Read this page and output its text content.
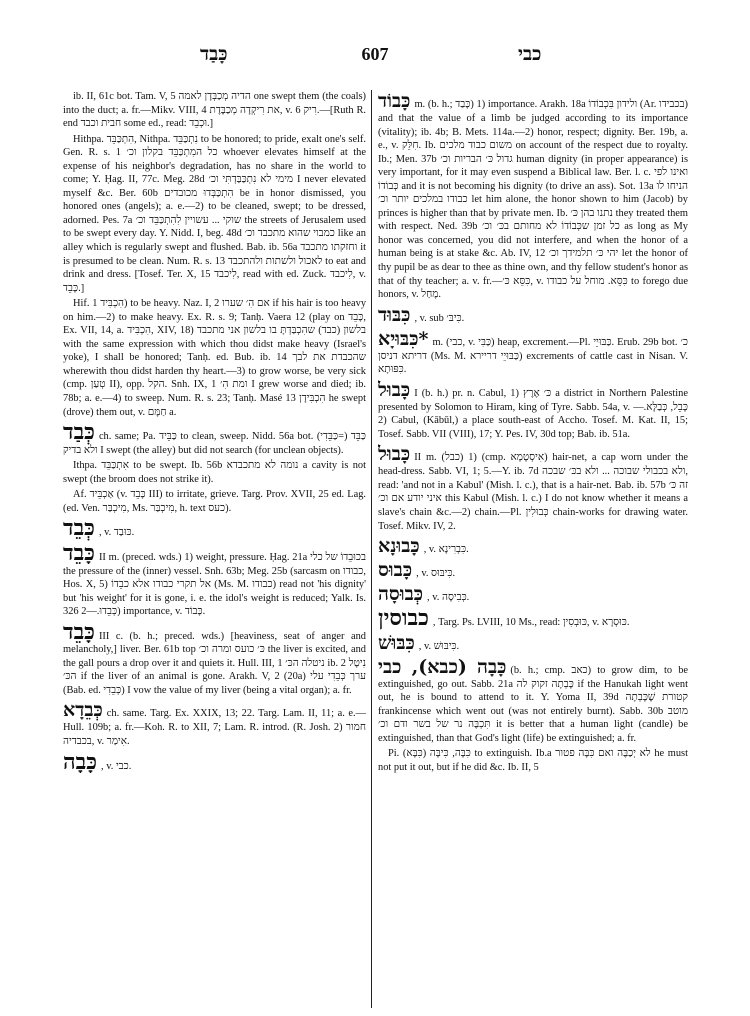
כָּבַד	607	כבי
ib. II, 61c bot. Tam. V, 5 הדיה מְכַבְּדָן לאמה one swept them (the coals) into the duct; a. fr.—Mikv. VIII, 4 את רִיקְדָה מְכַבֶּדֶת, v. רִיק 6.—[Ruth R. end חבית וכבד some ed., read: וּכְבֵד.]
Hithpa. הִתְכַּבֵּד, Nithpa. נִתְכַּבֵּד to be honored; to pride, exalt one's self. Gen. R. s. 1 כל המִתְכַּבֵּד בקלון וכ׳ whoever elevates himself at the expense of his neighbor's degradation, has no share in the world to come; Y. Ḥag. II, 77c. Meg. 28d מימי לא נִתְכַּבַּדְתִּי וכ׳ I never elevated myself &c. Ber. 60b הִתְכַּבְּדוּ מכובדים be in honor dismissed, you honored ones (angels); a. e.—2) to be cleaned, swept; to be dressed, adorned. Pes. 7a שוקי ... עשויין לִהִתְכַּבֵּד וכ׳ the streets of Jerusalem used to be swept every day. Y. Nidd. I, beg. 48d כמבוי שהוא מתכבד וכ׳ like an alley which is regularly swept and flushed. Bab. ib. 56a וחזקתו מתכבד it is presumed to be clean. Num. R. s. 13 לאכול ולשתות ולהתכבד to eat and drink and dress. [Tosef. Ter. X, 15 לִיכבד, read with ed. Zuck. לִיכבד, v. כָּבֵד.]
Hif. הִכְבִּיד 1) to be heavy. Naz. I, 2 אם הִ׳ שערו if his hair is too heavy on him.—2) to make heavy. Ex. R. s. 9; Tanḥ. Vaera 12 (play on כָּבֵד, Ex. VII, 14, a. הִכְבִּיד, XIV, 18) בלשון (כבד) שהִכְבַּדְתָּ בו בלשון אני מתכבד with the same expression with which thou didst make heavy (Israel's yoke), I shall be honored; Tanḥ. ed. Bub. ib. 14 שהכבדת את לבך wherewith thou didst harden thy heart.—3) to grow worse, be very sick (cmp. טְעַן II), opp. הקל. Snh. IX, 1 ומת הִ׳ I grew worse and died; ib. 78b; a. e.—4) to sweep. Num. R. s. 23; Tanḥ. Masé 13 הִכְבִּידָן he swept (drove) them out, v. חַמָּם a.
כְּבַד ch. same; Pa. כַּבֵּיד to clean, sweep. Nidd. 56a bot. כַּבֵּד (=כַּבֵּדִי) ולא בדיק I swept (the alley) but did not search (for unclean objects).
Ithpa. אִתְכַּבֵּד to be swept. Ib. 56b נומה לא מתכבדא a cavity is not swept (the broom does not strike it).
Af. אַכְבֵּיד (v. כָּבֵד III) to irritate, grieve. Targ. Prov. XVII, 25 ed. Lag. (ed. Ven. מִיכְבַּר, Ms. מִיכְבַּר, h. text כעס).
כְּבֵד , v. כּוּבַד.
כָּבֵד II m. (preced. wds.) 1) weight, pressure. Ḥag. 21a בכוּבֵדוֹ של כלי the pressure of the (inner) vessel. Snh. 63b; Meg. 25b (sarcasm on כבודו, Hos. X, 5) אל תקרי כבודו אלא כבֵדוֹ (Ms. M. כבודו) read not 'his dignity' but 'his weight' for it is gone, i. e. the idol's weight is reduced; Yalk. Is. 326 כְּבֵדוּ.—2) importance, v. כָּבוֹד.
כָּבֵד III c. (b. h.; preced. wds.) [heaviness, seat of anger and melancholy,] liver. Ber. 61b top כּ׳ כועס ומרה וכ׳ the liver is excited, and the gall pours a drop over it and quiets it. Hull. III, 1 ניטלה הכּ׳ ib. 2 נִיטָל הכּ׳ if the liver of an animal is gone. Arakh. V, 2 (20a) ערך כְּבֵדִי עלי (Bab. ed. כְּבֵדִי) I vow the value of my liver (being a vital organ); a. fr.
כְּבֵדָא ch. same. Targ. Ex. XXIX, 13; 22. Targ. Lam. II, 11; a. e.—Hull. 109b; a. fr.—Koh. R. to XII, 7; Lam. R. introd. (R. Josh. 2) חמור בכבדיה, v. אִימַר.
כָּבָה , v. כבי.
כָּבוֹד m. (b. h.; כָּבַד) 1) importance. Arakh. 18a ולידון בִּכְבוֹדוֹ (Ar. בכבידו) and that the value of a limb be judged according to its importance (vitality); ib. 4b; B. Mets. 114a.—2) honor, respect; dignity. Ber. 19b, a. e., v. חִלֵּק. Ib. משום כבוד מלכים on account of the respect due to royalty. Ib.; Men. 37b גדול כּ׳ הבריות וכ׳ human dignity (in proper appearance) is very important, for it may even suspend a Biblical law. Ber. l. c. ואינו לפי כְּבוֹדוֹ and it is not becoming his dignity (to drive an ass). Sot. 13a הניחו לו כבודו במלכים יותר וכ׳ let him alone, the honor shown to him (Jacob) by princes is higher than that by private men. Ib. נתנו בהן כּ׳ they treated them with respect. Ned. 39b כל זמן שכְּבוֹדוֹ לא מחותם בכּ׳ וכ׳ as long as My honor was concerned, you did not interfere, and when the honor of a human being is at stake &c. Ab. IV, 12 יהי כּ׳ תלמידך וכ׳ let the honor of thy pupil be as dear to thee as thine own, and thy fellow student's honor as that of thy teacher; a. v. fr.—כִּסֵּא כּ׳, v. כִּסֵּא. מוחל על כבודו to forego due honors, v. מָחַל.
כִּבּוּד , v. sub כִּיבּ׳.
כִּבּוּיָא* m. (כבי, v. כַּבִּי) heap, excrement.—Pl. כַּבּוּיֵי. Erub. 29b bot. כ׳ דריתא דניסן (Ms. M. כַּבּוּיֵי דריירא) excrements of cattle cast in Nisan. V. כִּפּוּתָא.
כָּבוּל I (b. h.) pr. n. Cabul, 1) כּ׳ אֶרֶץ a district in Northern Palestine presented by Solomon to Hiram, king of Tyre. Sabb. 54a, v. כָּבֵל, כְּבַלָּא.—2) Cabul, (Kābūl,) a place south-east of Accho. Tosef. M. Kat. II, 15; Tosef. Sabb. VII (VIII), 17; Y. Pes. IV, 30d top; Bab. ib. 51a.
כָּבוּל II m. (כבל) 1) (cmp. אִיסְטָמָא) hair-net, a cap worn under the head-dress. Sabb. VI, 1; 5.—Y. ib. 7d ולא בכבולי שבוכה ... ולא בכּ׳ שבכה, read: 'and not in a Kabul' (Mish. l. c.), that is a hair-net. Bab. ib. 57b זה כּ׳ איני יודע אם וכ׳ this Kabul (Mish. l. c.) I do not know whether it means a slave's chain &c.—2) chain.—Pl. כְּבוּלִין chain-works for drawing water. Tosef. Mikv. IV, 2.
כָּבוּנָא , v. כִּבְרִינָא.
כָּבוּס , v. כִּיבּוּס.
כְּבוּסָה , v. כְּבִיסָה.
כבוסין , Targ. Ps. LVIII, 10 Ms., read: כּוּבְסִין, v. כּוּסְרָא.
כִּבּוּשׁ , v. כִּיבּוּשׁ.
כָּבָה (כבא), כבי (b. h.; cmp. כאב) to grow dim, to be extinguished, go out. Sabb. 21a כָּבְתָה זקוק לה if the Hanukah light went out, he is bound to attend to it. Y. Yoma II, 39d קטורת שֶׁכָּבְתָה frankincense which went out (was not entirely burnt). Sabb. 30b מוטב תִּכְבֶּה נר של בשר ודם וכ׳ it is better that a human light (candle) be extinguished, than that God's light (life) be extinguished; a. fr.
Pi. כִּבָּה, כִּיבָּה (כִּבָּא) to extinguish. Ib.a לא יְכַבֶּה ואם כִּבָּה פטור he must not put it out, but if he did &c. Ib. II, 5
